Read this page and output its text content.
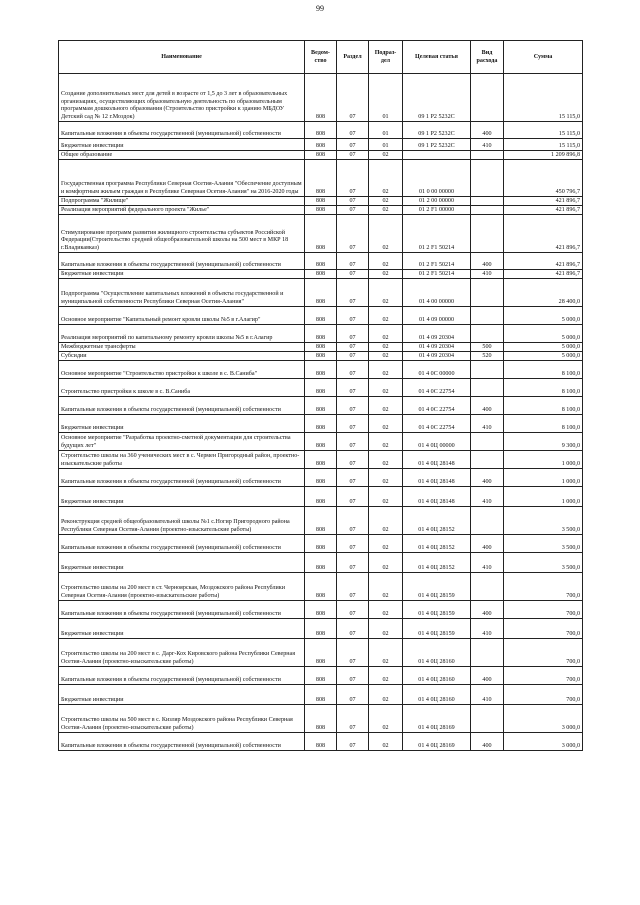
99
Наименование	Ведом-ство	Раздел	Подраз-дел	Целевая статья	Вид расхода	Сумма
Создание дополнительных мест для детей в возрасте от 1,5 до 3 лет в образовательных организациях, осуществляющих образовательную деятельность по образовательным программам дошкольного образования (Строительство пристройки к зданию МБДОУ Детский сад № 12 г.Моздок)	808	07	01	09 1 Р2 5232С		15 115,0
Капитальные вложения в объекты государственной (муниципальной) собственности	808	07	01	09 1 Р2 5232С	400	15 115,0
Бюджетные инвестиции	808	07	01	09 1 Р2 5232С	410	15 115,0
Общее образование	808	07	02			1 209 896,8
Государственная программа Республики Северная Осетия-Алания "Обеспечение доступным и комфортным жильем граждан в Республике Северная Осетия-Алания" на 2016-2020 годы	808	07	02	01 0 00 00000		450 796,7
Подпрограмма "Жилище"	808	07	02	01 2 00 00000		421 896,7
Реализация мероприятий федерального проекта "Жилье"	808	07	02	01 2 F1 00000		421 896,7
Стимулирование программ развития жилищного строительства субъектов Российской Федерации(Строительство средней общеобразовательной школы на 500 мест в МКР 18 г.Владикавказ)	808	07	02	01 2 F1 50214		421 896,7
Капитальные вложения в объекты государственной (муниципальной) собственности	808	07	02	01 2 F1 50214	400	421 896,7
Бюджетные инвестиции	808	07	02	01 2 F1 50214	410	421 896,7
Подпрограмма "Осуществление капитальных вложений в объекты государственной и муниципальной собственности Республики Северная Осетия-Алания"	808	07	02	01 4 00 00000		28 400,0
Основное мероприятие "Капитальный ремонт кровли школы №5 в г.Алагир"	808	07	02	01 4 09 00000		5 000,0
Реализация мероприятий по капитальному ремонту кровли школы №5 в г.Алагир	808	07	02	01 4 09 20304		5 000,0
Межбюджетные трансферты	808	07	02	01 4 09 20304	500	5 000,0
Субсидии	808	07	02	01 4 09 20304	520	5 000,0
Основное мероприятие "Строительство пристройки к школе в с. В.Саниба"	808	07	02	01 4 0С 00000		8 100,0
Строительство пристройки к школе в с. В.Саниба	808	07	02	01 4 0С 22754		8 100,0
Капитальные вложения в объекты государственной (муниципальной) собственности	808	07	02	01 4 0С 22754	400	8 100,0
Бюджетные инвестиции	808	07	02	01 4 0С 22754	410	8 100,0
Основное мероприятие "Разработка проектно-сметной документации для строительства будущих лет"	808	07	02	01 4 0Ц 00000		9 300,0
Строительство школы на 360 ученических мест в с. Чермен Пригородный район, проектно-изыскательские работы	808	07	02	01 4 0Ц 28148		1 000,0
Капитальные вложения в объекты государственной (муниципальной) собственности	808	07	02	01 4 0Ц 28148	400	1 000,0
Бюджетные инвестиции	808	07	02	01 4 0Ц 28148	410	1 000,0
Реконструкция средней общеобразовательной школы №1 с.Ногир Пригородного района Республики Северная Осетия-Алания (проектно-изыскательские работы)	808	07	02	01 4 0Ц 28152		3 500,0
Капитальные вложения в объекты государственной (муниципальной) собственности	808	07	02	01 4 0Ц 28152	400	3 500,0
Бюджетные инвестиции	808	07	02	01 4 0Ц 28152	410	3 500,0
Строительство школы на 200 мест в ст. Черноярская, Моздокского района Республики Северная Осетия-Алания (проектно-изыскательские работы)	808	07	02	01 4 0Ц 28159		700,0
Капитальные вложения в объекты государственной (муниципальной) собственности	808	07	02	01 4 0Ц 28159	400	700,0
Бюджетные инвестиции	808	07	02	01 4 0Ц 28159	410	700,0
Строительство школы на 200 мест в с. Дарг-Кох Кировского района Республики Северная Осетия-Алания (проектно-изыскательские работы)	808	07	02	01 4 0Ц 28160		700,0
Капитальные вложения в объекты государственной (муниципальной) собственности	808	07	02	01 4 0Ц 28160	400	700,0
Бюджетные инвестиции	808	07	02	01 4 0Ц 28160	410	700,0
Строительство школы на 500 мест в с. Кизляр Моздокского района Республики Северная Осетия-Алания (проектно-изыскательские работы)	808	07	02	01 4 0Ц 28169		3 000,0
Капитальные вложения в объекты государственной (муниципальной) собственности	808	07	02	01 4 0Ц 28169	400	3 000,0
